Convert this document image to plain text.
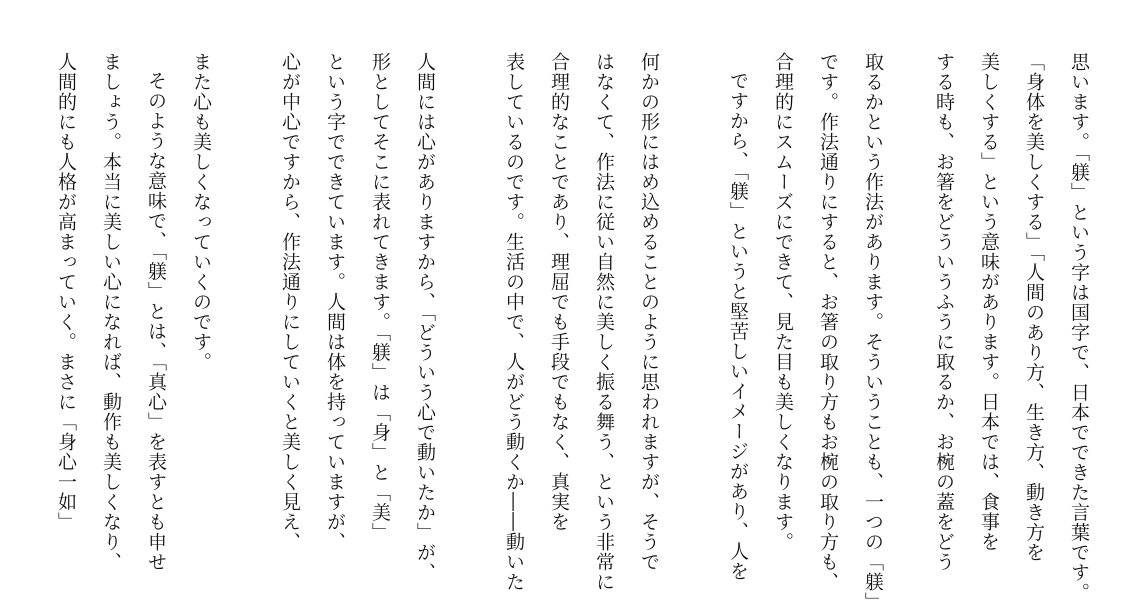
思います。「躾」という字は国字で、日本でできた言葉です。
「身体を美しくする」「人間のあり方、生き方、動き方を
美しくする」という意味があります。日本では、食事を
する時も、お箸をどういうふうに取るか、お椀の蓋をどう
取るかという作法があります。そういうことも、一つの「躾」
です。作法通りにすると、お箸の取り方もお椀の取り方も、
合理的にスムーズにできて、見た目も美しくなります。
ですから、「躾」というと堅苦しいイメージがあり、人を
何かの形にはめ込めることのように思われますが、そうで
はなくて、作法に従い自然に美しく振る舞う、という非常に
合理的なことであり、理屈でも手段でもなく、真実を
表しているのです。生活の中で、人がどう動くか――動いた
人間には心がありますから、「どういう心で動いたか」が、
形としてそこに表れてきます。「躾」は「身」と「美」
という字でできています。人間は体を持っていますが、
心が中心ですから、作法通りにしていくと美しく見え、
また心も美しくなっていくのです。
そのような意味で、「躾」とは、「真心」を表すとも申せ
ましょう。本当に美しい心になれば、動作も美しくなり、
人間的にも人格が高まっていく。まさに「身心一如」
